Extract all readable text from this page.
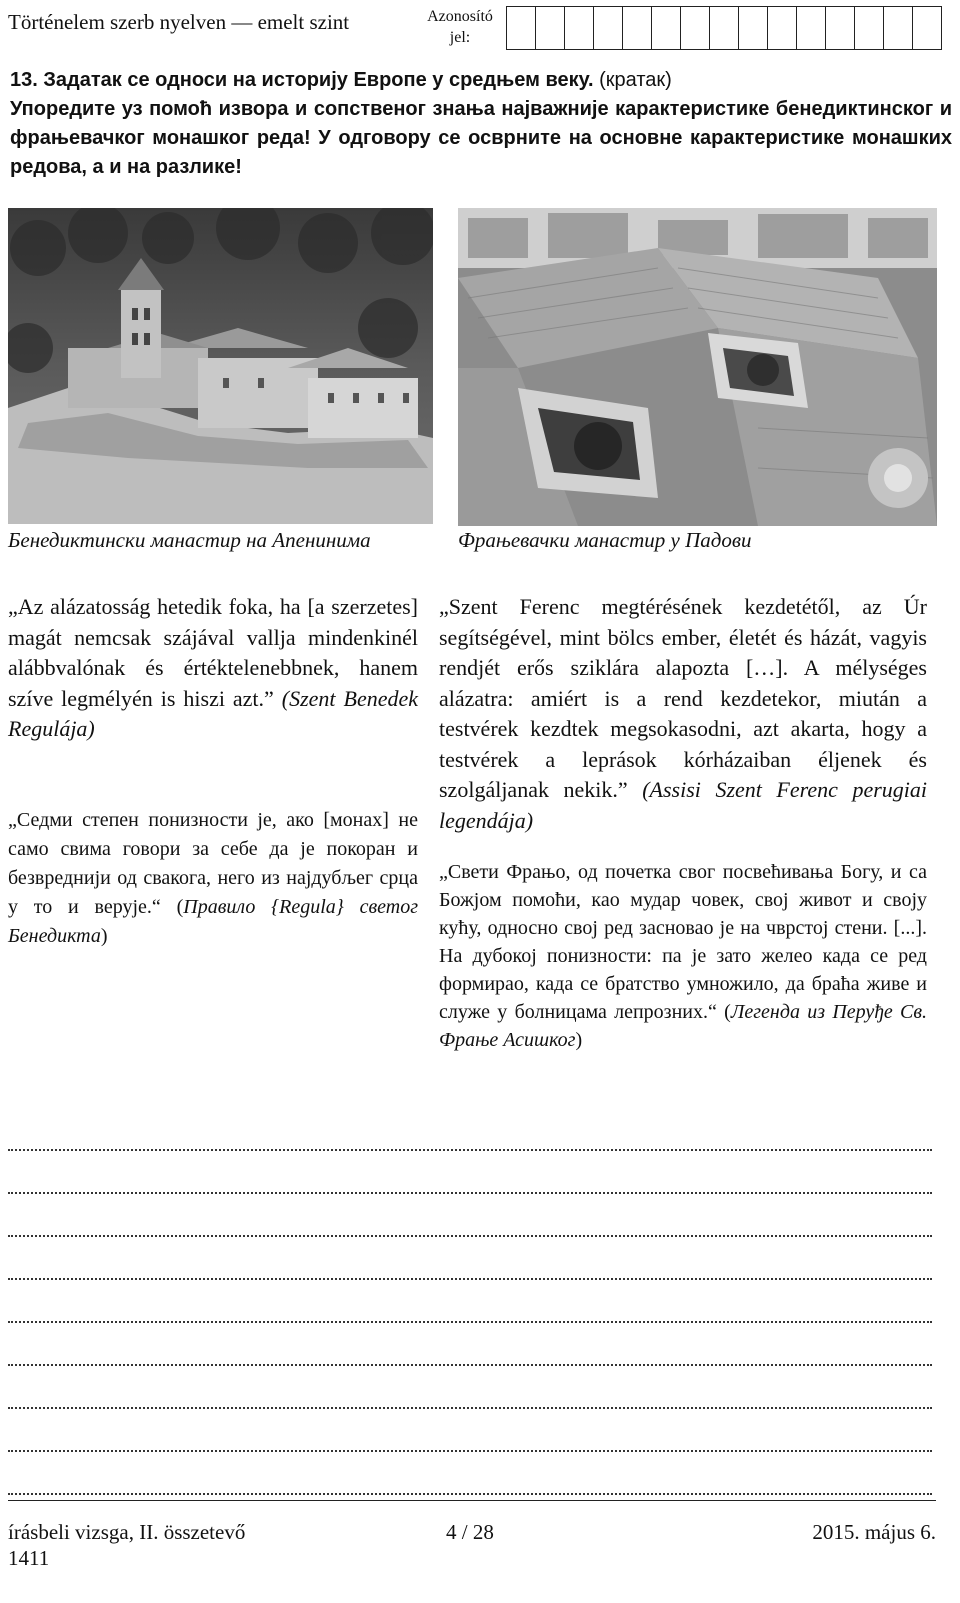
Történelem szerb nyelven — emelt szint	Azonosító
jel:
13. Задатак се односи на историју Европе у средњем веку. (кратак)
Упоредите уз помоћ извора и сопственог знања најважније карактеристике бенедиктинског и фрањевачког монашког реда! У одговору се осврните на основне карактеристике монашких редова, а и на разлике!
Бенедиктински манастир на Апенинима	Фрањевачки манастир у Падови
„Az alázatosság hetedik foka, ha [a szerzetes] magát nemcsak szájával vallja mindenkinél alábbvalónak és értéktelenebbnek, hanem szíve legmélyén is hiszi azt.” (Szent Benedek Regulája)
„Седми степен понизности је, ако [монах] не само свима говори за себе да је покоран и безвреднији од свакога, него из најдубљег срца у то и верује.“ (Правило {Regula} светог Бенедикта)
„Szent Ferenc megtérésének kezdetétől, az Úr segítségével, mint bölcs ember, életét és házát, vagyis rendjét erős sziklára alapozta […]. A mélységes alázatra: amiért is a rend kezdetekor, miután a testvérek kezdtek megsokasodni, azt akarta, hogy a testvérek a leprások kórházaiban éljenek és szolgáljanak nekik.” (Assisi Szent Ferenc perugiai legendája)
„Свети Фрањо, од почетка свог посвећивања Богу, и са Божјом помоћи, као мудар човек, свој живот и своју кућу, односно свој ред засновао је на чврстој стени. [...]. На дубокој понизности: па је зато желео када се ред формирао, када се братство умножило, да браћа живе и служе у болницама лепрозних.“ (Легенда из Перуђе Св. Фрање Асишког)
írásbeli vizsga, II. összetevő	4 / 28	2015. május 6.
1411
